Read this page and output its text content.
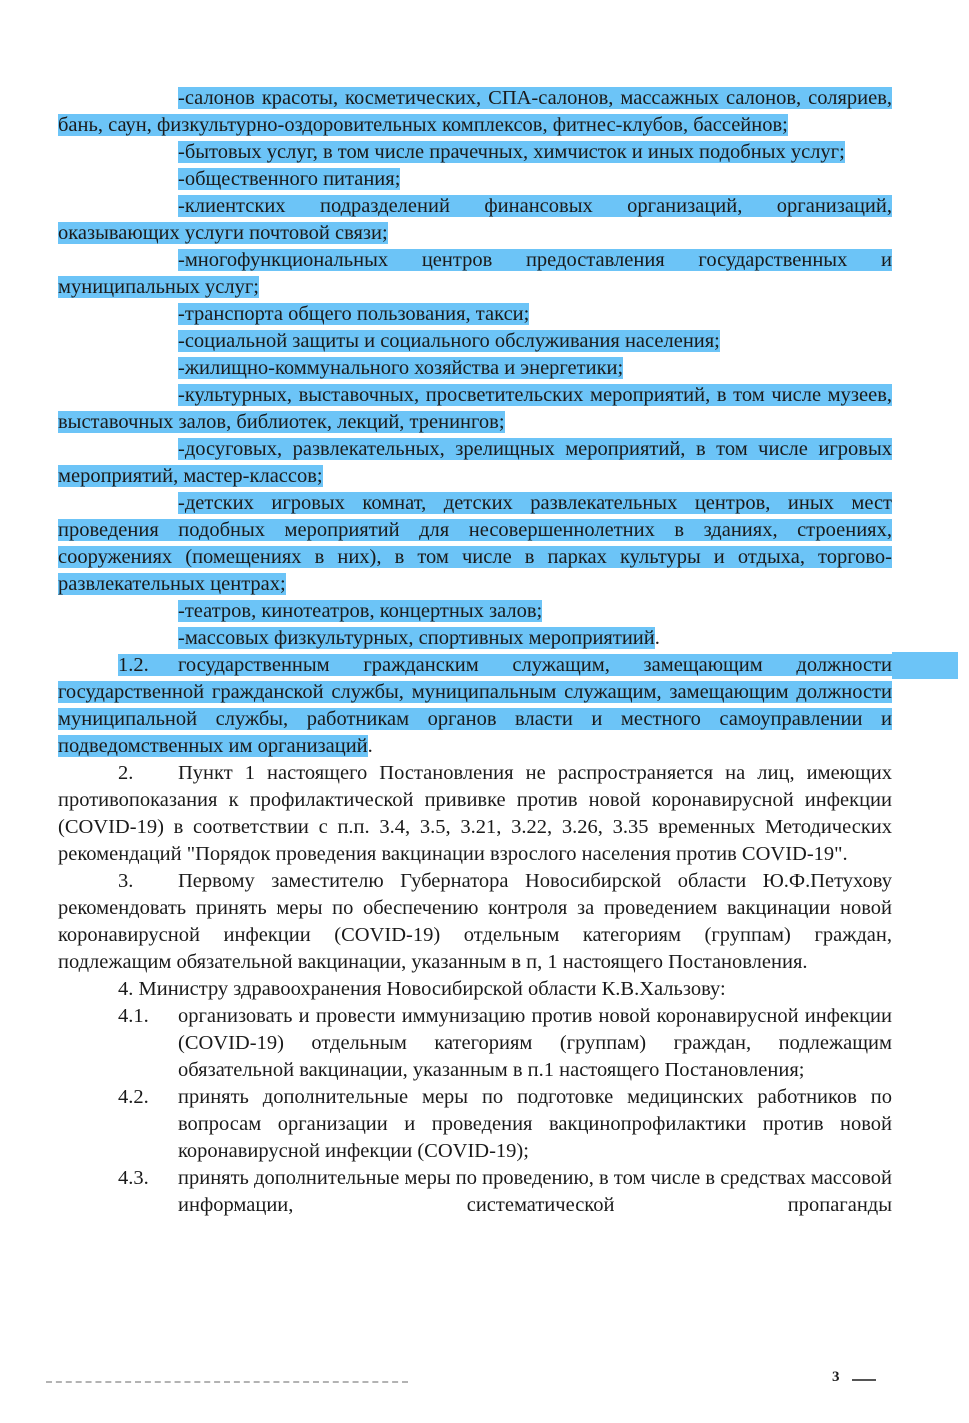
-салонов красоты, косметических, СПА-салонов, массажных салонов, соляриев, бань, саун, физкультурно-оздоровительных комплексов, фитнес-клубов, бассейнов;

-бытовых услуг, в том числе прачечных, химчисток и иных подобных услуг;

-общественного питания;

-клиентских подразделений финансовых организаций, организаций, оказывающих услуги почтовой связи;

-многофункциональных центров предоставления государственных и муниципальных услуг;

-транспорта общего пользования, такси;

-социальной защиты и социального обслуживания населения;

-жилищно-коммунального хозяйства и энергетики;

-культурных, выставочных, просветительских мероприятий, в том числе музеев, выставочных залов, библиотек, лекций, тренингов;

-досуговых, развлекательных, зрелищных мероприятий, в том числе игровых мероприятий, мастер-классов;

-детских игровых комнат, детских развлекательных центров, иных мест проведения подобных мероприятий для несовершеннолетних в зданиях, строениях, сооружениях (помещениях в них), в том числе в парках культуры и отдыха, торгово-развлекательных центрах;

-театров, кинотеатров, концертных залов;

-массовых физкультурных, спортивных мероприятиий.

1.2. государственным гражданским служащим, замещающим должности государственной гражданской службы, муниципальным служащим, замещающим должности муниципальной службы, работникам органов власти и местного самоуправлении и подведомственных им организаций.

2. Пункт 1 настоящего Постановления не распространяется на лиц, имеющих противопоказания к профилактической прививке против новой коронавирусной инфекции (COVID-19) в соответствии с п.п. 3.4, 3.5, 3.21, 3.22, 3.26, 3.35 временных Методических рекомендаций "Порядок проведения вакцинации взрослого населения против COVID-19".

3. Первому заместителю Губернатора Новосибирской области Ю.Ф.Петухову рекомендовать принять меры по обеспечению контроля за проведением вакцинации новой коронавирусной инфекции (COVID-19) отдельным категориям (группам) граждан, подлежащим обязательной вакцинации, указанным в п, 1 настоящего Постановления.

4. Министру здравоохранения Новосибирской области К.В.Хальзову:

4.1.	организовать и провести иммунизацию против новой коронавирусной инфекции (COVID-19) отдельным категориям (группам) граждан, подлежащим обязательной вакцинации, указанным в п.1 настоящего Постановления;
4.2.	принять дополнительные меры по подготовке медицинских работников по вопросам организации и проведения вакцинопрофилактики против новой коронавирусной инфекции (COVID-19);
4.3.	принять дополнительные меры по проведению, в том числе в средствах массовой информации, систематической пропаганды
3
